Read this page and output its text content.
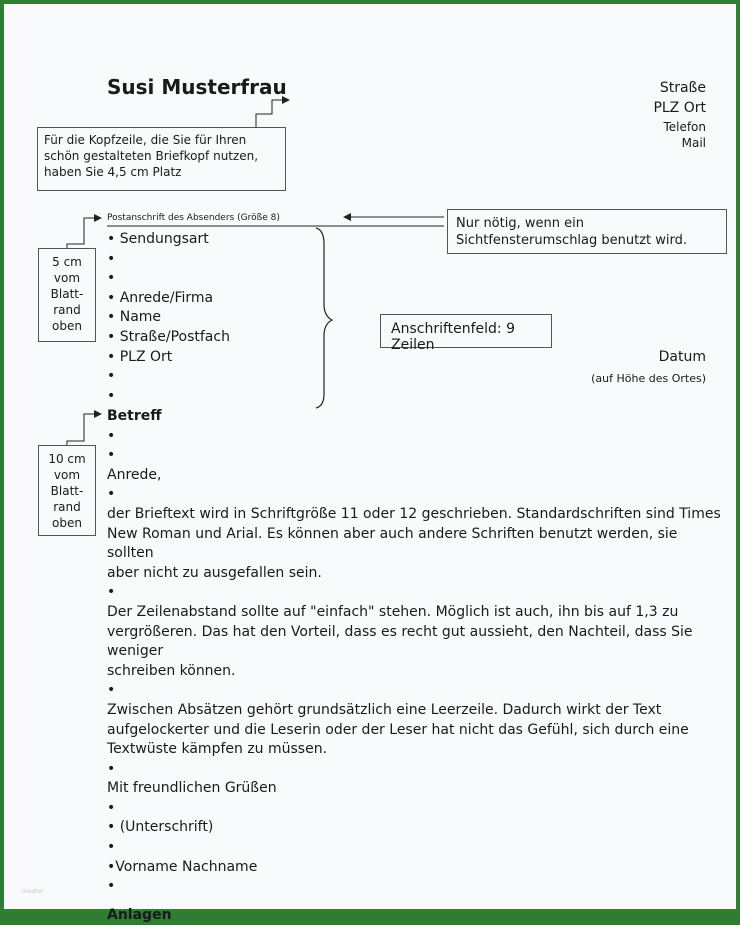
Susi Musterfrau	Straße
PLZ Ort
Telefon
Mail
Für die Kopfzeile, die Sie für Ihren schön gestalteten Briefkopf nutzen, haben Sie 4,5 cm Platz
Postanschrift des Absenders (Größe 8)	Nur nötig, wenn ein Sichtfensterumschlag benutzt wird.
5 cm vom Blatt-rand oben
• Sendungsart
•
•
• Anrede/Firma
• Name
• Straße/Postfach
• PLZ Ort
•
•
Anschriftenfeld: 9 Zeilen
Datum
(auf Höhe des Ortes)
10 cm vom Blatt-rand oben
Betreff
•
•
Anrede,
•
der Brieftext wird in Schriftgröße 11 oder 12 geschrieben. Standardschriften sind Times
New Roman und Arial. Es können aber auch andere Schriften benutzt werden, sie sollten
aber nicht zu ausgefallen sein.
•
Der Zeilenabstand sollte auf "einfach" stehen. Möglich ist auch, ihn bis auf 1,3 zu
vergrößeren. Das hat den Vorteil, dass es recht gut aussieht, den Nachteil, dass Sie weniger
schreiben können.
•
Zwischen Absätzen gehört grundsätzlich eine Leerzeile. Dadurch wirkt der Text
aufgelockerter und die Leserin oder der Leser hat nicht das Gefühl, sich durch eine
Textwüste kämpfen zu müssen.
•
Mit freundlichen Grüßen
•
• (Unterschrift)
•
• Vorname Nachname
•
Anlagen
muster
